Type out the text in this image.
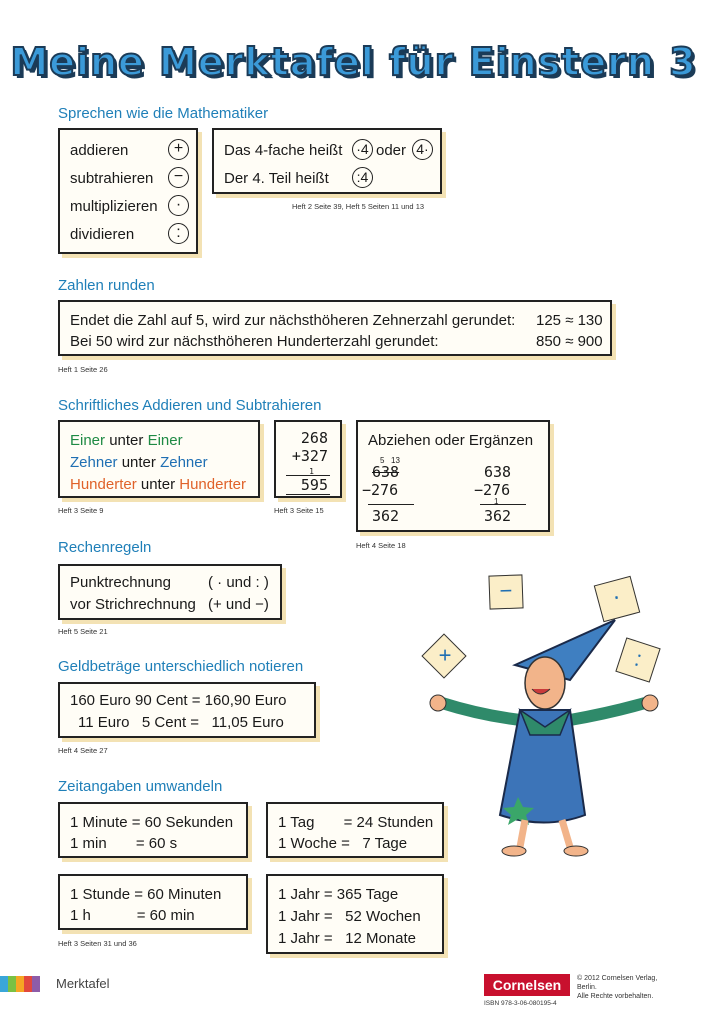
Meine Merktafel für Einstern 3
Sprechen wie die Mathematiker
addieren	+
subtrahieren	−
multiplizieren	·
dividieren	:
Das 4-fache heißt ·4 oder 4·
Der 4. Teil heißt	:4
Heft 2 Seite 39, Heft 5 Seiten 11 und 13
Zahlen runden
Endet die Zahl auf 5, wird zur nächsthöheren Zehnerzahl gerundet: 125 ≈ 130
Bei 50 wird zur nächsthöheren Hunderterzahl gerundet:	850 ≈ 900
Heft 1 Seite 26
Schriftliches Addieren und Subtrahieren
Einer unter Einer
Zehner unter Zehner
Hunderter unter Hunderter
Heft 3 Seite 9
268
+327
1
595
Heft 3 Seite 15
Abziehen oder Ergänzen
5 13
638
−276
362
638
−276
1
362
Heft 4 Seite 18
Rechenregeln
Punktrechnung ( · und : )
vor Strichrechnung (+ und −)
Heft 5 Seite 21
Geldbeträge unterschiedlich notieren
160 Euro 90 Cent = 160,90 Euro
11 Euro   5 Cent =   11,05 Euro
Heft 4 Seite 27
Zeitangaben umwandeln
1 Minute = 60 Sekunden
1 min       = 60 s
1 Tag       = 24 Stunden
1 Woche =   7 Tage
1 Stunde = 60 Minuten
1 h           = 60 min
1 Jahr = 365 Tage
1 Jahr =   52 Wochen
1 Jahr =   12 Monate
Heft 3 Seiten 31 und 36
−	·
+	:
Merktafel	Cornelsen
ISBN 978-3-06-080195-4
© 2012 Cornelsen Verlag,
Berlin.
Alle Rechte vorbehalten.
